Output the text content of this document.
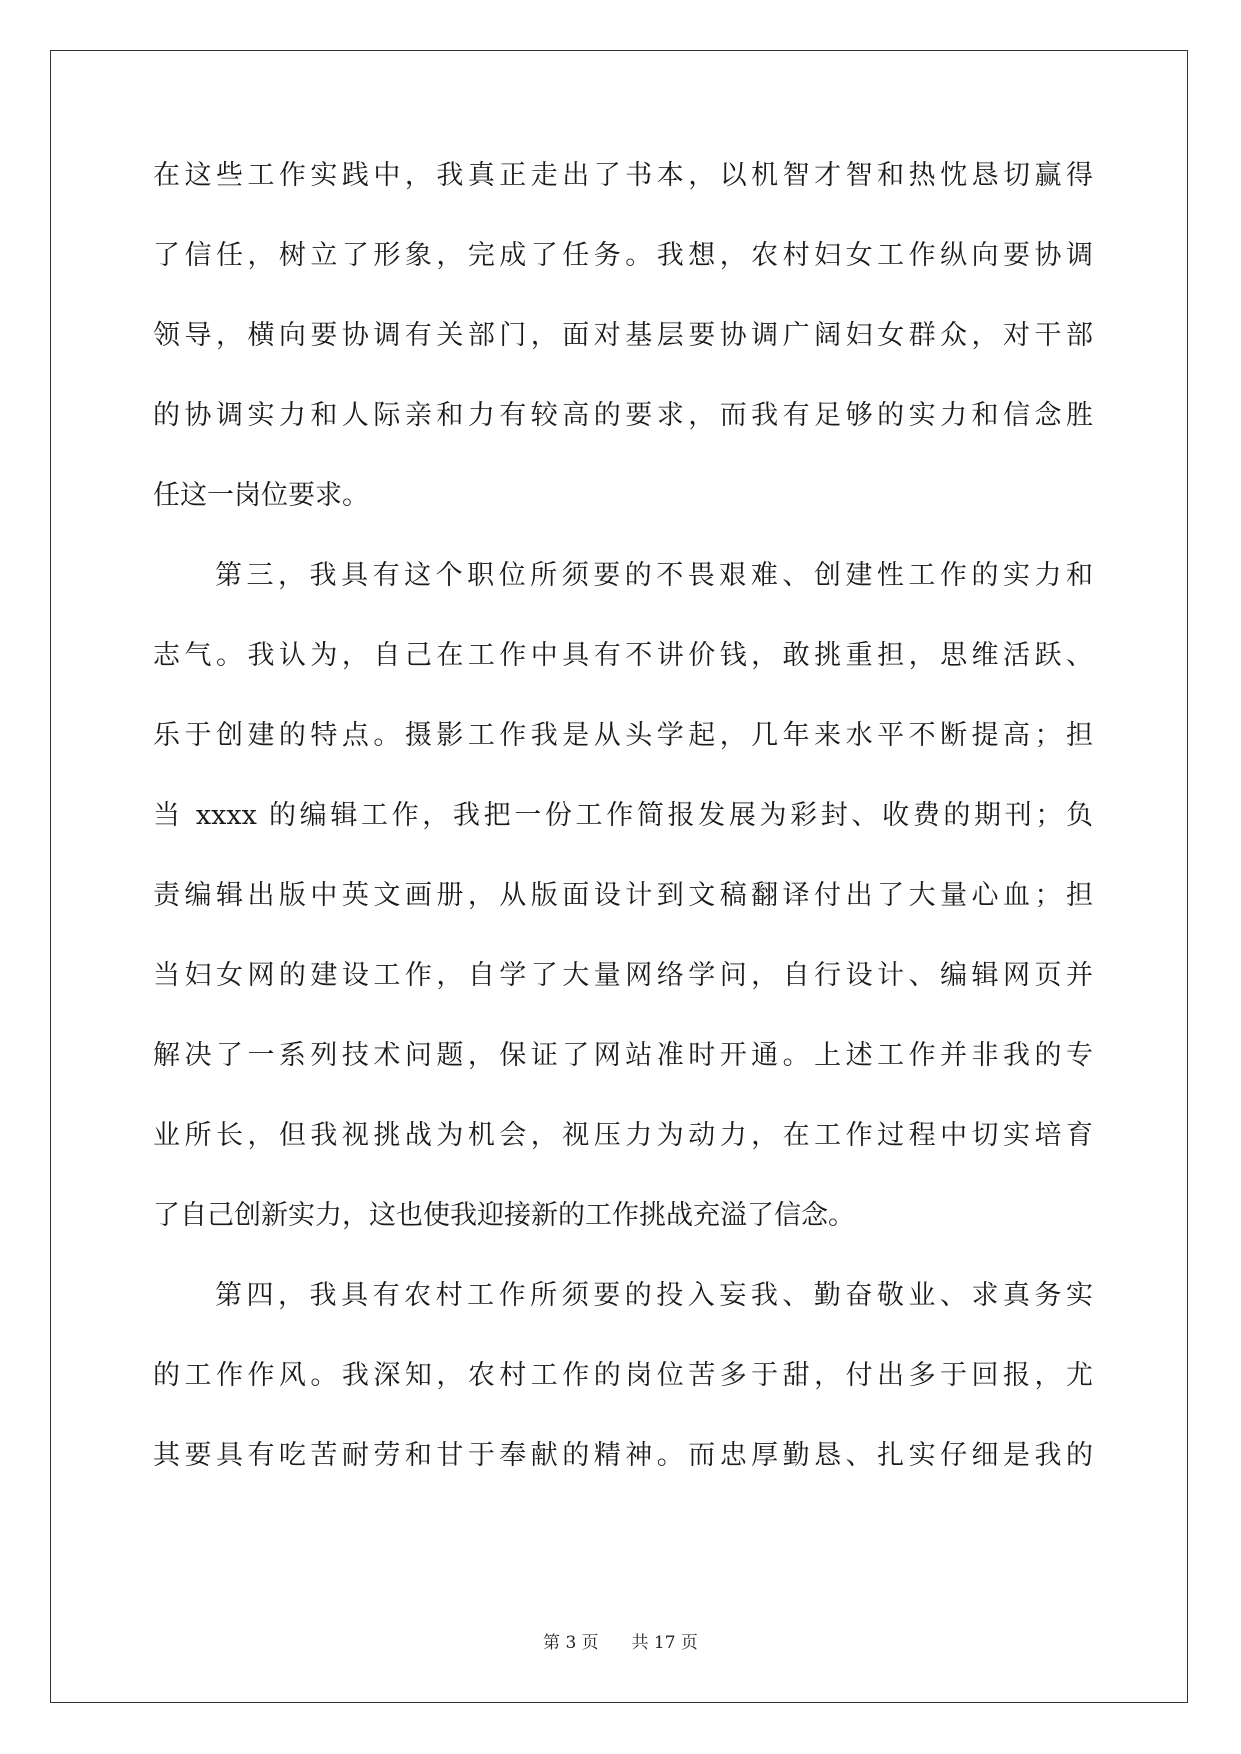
在这些工作实践中，我真正走出了书本，以机智才智和热忱恳切赢得
了信任，树立了形象，完成了任务。我想，农村妇女工作纵向要协调
领导，横向要协调有关部门，面对基层要协调广阔妇女群众，对干部
的协调实力和人际亲和力有较高的要求，而我有足够的实力和信念胜
任这一岗位要求。
第三，我具有这个职位所须要的不畏艰难、创建性工作的实力和
志气。我认为，自己在工作中具有不讲价钱，敢挑重担，思维活跃、
乐于创建的特点。摄影工作我是从头学起，几年来水平不断提高；担
当 xxxx 的编辑工作，我把一份工作简报发展为彩封、收费的期刊；负
责编辑出版中英文画册，从版面设计到文稿翻译付出了大量心血；担
当妇女网的建设工作，自学了大量网络学问，自行设计、编辑网页并
解决了一系列技术问题，保证了网站准时开通。上述工作并非我的专
业所长，但我视挑战为机会，视压力为动力，在工作过程中切实培育
了自己创新实力，这也使我迎接新的工作挑战充溢了信念。
第四，我具有农村工作所须要的投入妄我、勤奋敬业、求真务实
的工作作风。我深知，农村工作的岗位苦多于甜，付出多于回报，尤
其要具有吃苦耐劳和甘于奉献的精神。而忠厚勤恳、扎实仔细是我的
第 3 页 共 17 页
